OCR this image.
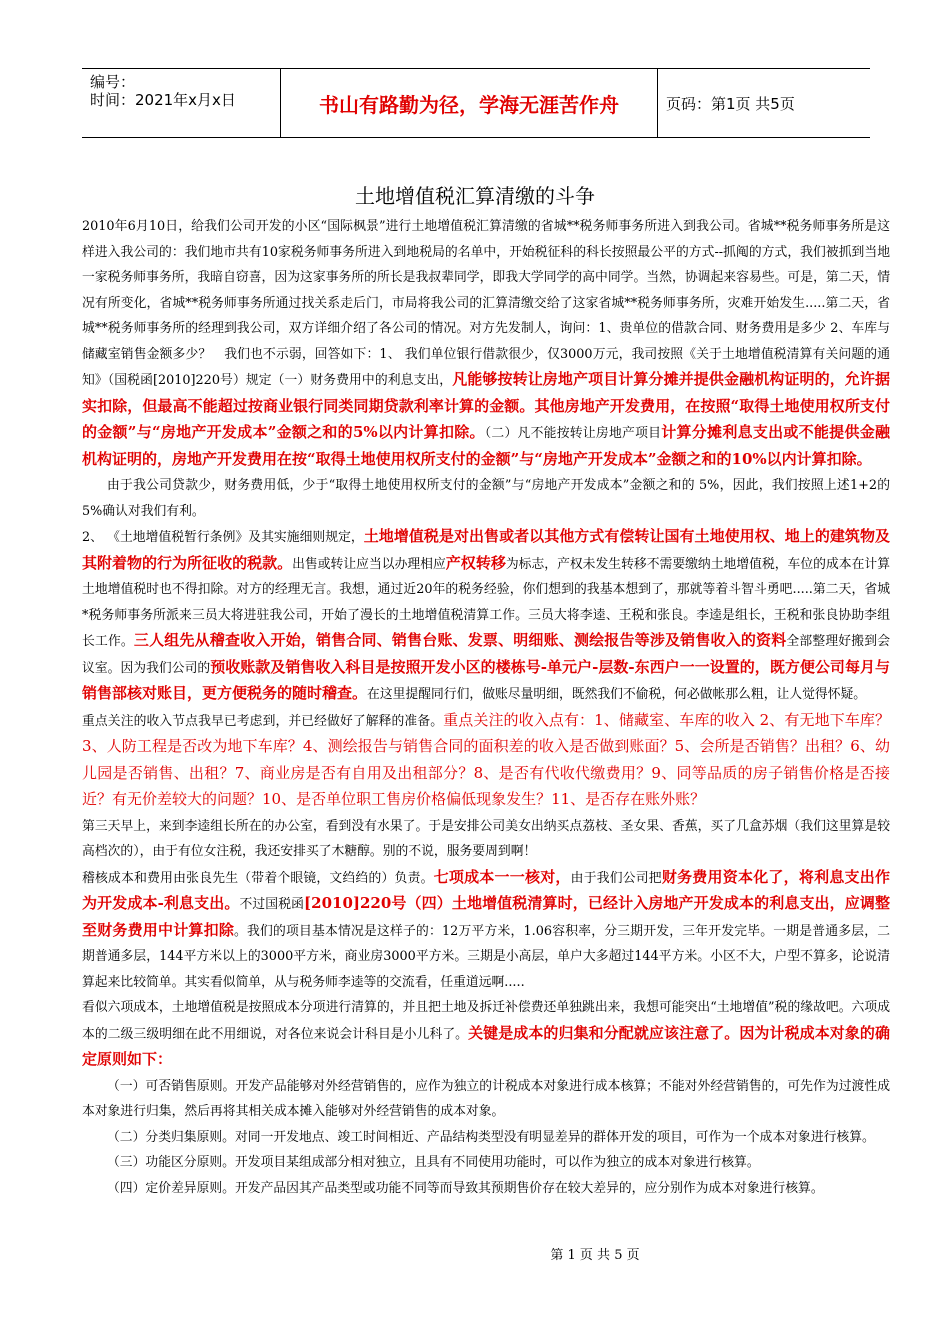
编号：
时间：2021年x月x日	书山有路勤为径，学海无涯苦作舟	页码：第1页 共5页
土地增值税汇算清缴的斗争

2010年6月10日，给我们公司开发的小区“国际枫景”进行土地增值税汇算清缴的省城**税务师事务所进入到我公司。省城**税务师事务所是这样进入我公司的：我们地市共有10家税务师事务所进入到地税局的名单中，开始税征科的科长按照最公平的方式--抓阄的方式，我们被抓到当地一家税务师事务所，我暗自窃喜，因为这家事务所的所长是我叔辈同学，即我大学同学的高中同学。当然，协调起来容易些。可是，第二天，情况有所变化，省城**税务师事务所通过找关系走后门，市局将我公司的汇算清缴交给了这家省城**税务师事务所，灾难开始发生.....第二天，省城**税务师事务所的经理到我公司，双方详细介绍了各公司的情况。对方先发制人，询问：1、贵单位的借款合同、财务费用是多少 2、车库与储藏室销售金额多少？　我们也不示弱，回答如下：1、 我们单位银行借款很少，仅3000万元，我司按照《关于土地增值税清算有关问题的通知》（国税函[2010]220号）规定（一）财务费用中的利息支出，凡能够按转让房地产项目计算分摊并提供金融机构证明的，允许据实扣除，但最高不能超过按商业银行同类同期贷款利率计算的金额。其他房地产开发费用，在按照“取得土地使用权所支付的金额”与“房地产开发成本”金额之和的5%以内计算扣除。（二）凡不能按转让房地产项目计算分摊利息支出或不能提供金融机构证明的，房地产开发费用在按“取得土地使用权所支付的金额”与“房地产开发成本”金额之和的10%以内计算扣除。

由于我公司贷款少，财务费用低，少于“取得土地使用权所支付的金额”与“房地产开发成本”金额之和的 5%，因此，我们按照上述1+2的5%确认对我们有利。

2、 《土地增值税暂行条例》及其实施细则规定，土地增值税是对出售或者以其他方式有偿转让国有土地使用权、地上的建筑物及其附着物的行为所征收的税款。出售或转让应当以办理相应产权转移为标志，产权未发生转移不需要缴纳土地增值税，车位的成本在计算土地增值税时也不得扣除。对方的经理无言。我想，通过近20年的税务经验，你们想到的我基本想到了，那就等着斗智斗勇吧.....第二天，省城*税务师事务所派来三员大将进驻我公司，开始了漫长的土地增值税清算工作。三员大将李逵、王税和张良。李逵是组长，王税和张良协助李组长工作。三人组先从稽查收入开始，销售合同、销售台账、发票、明细账、测绘报告等涉及销售收入的资料全部整理好搬到会议室。因为我们公司的预收账款及销售收入科目是按照开发小区的楼栋号-单元户-层数-东西户一一设置的，既方便公司每月与销售部核对账目，更方便税务的随时稽查。在这里提醒同行们，做账尽量明细，既然我们不偷税，何必做帐那么粗，让人觉得怀疑。

重点关注的收入节点我早已考虑到，并已经做好了解释的准备。重点关注的收入点有：1、储藏室、车库的收入 2、有无地下车库？3、人防工程是否改为地下车库？4、测绘报告与销售合同的面积差的收入是否做到账面？5、会所是否销售？出租？6、幼儿园是否销售、出租？7、商业房是否有自用及出租部分？8、是否有代收代缴费用？9、同等品质的房子销售价格是否接近？有无价差较大的问题？10、是否单位职工售房价格偏低现象发生？11、是否存在账外账？

第三天早上，来到李逵组长所在的办公室，看到没有水果了。于是安排公司美女出纳买点荔枝、圣女果、香蕉，买了几盒苏烟（我们这里算是较高档次的），由于有位女注税，我还安排买了木糖醇。别的不说，服务要周到啊！

稽核成本和费用由张良先生（带着个眼镜，文绉绉的）负责。七项成本一一核对，由于我们公司把财务费用资本化了，将利息支出作为开发成本-利息支出。不过国税函[2010]220号（四）土地增值税清算时，已经计入房地产开发成本的利息支出，应调整至财务费用中计算扣除。我们的项目基本情况是这样子的：12万平方米，1.06容积率，分三期开发，三年开发完毕。一期是普通多层，二期普通多层，144平方米以上的3000平方米，商业房3000平方米。三期是小高层，单户大多超过144平方米。小区不大，户型不算多，论说清算起来比较简单。其实看似简单，从与税务师李逵等的交流看，任重道远啊.....

看似六项成本，土地增值税是按照成本分项进行清算的，并且把土地及拆迁补偿费还单独跳出来，我想可能突出“土地增值”税的缘故吧。六项成本的二级三级明细在此不用细说，对各位来说会计科目是小儿科了。关键是成本的归集和分配就应该注意了。因为计税成本对象的确定原则如下：

（一）可否销售原则。开发产品能够对外经营销售的，应作为独立的计税成本对象进行成本核算；不能对外经营销售的，可先作为过渡性成本对象进行归集，然后再将其相关成本摊入能够对外经营销售的成本对象。

（二）分类归集原则。对同一开发地点、竣工时间相近、产品结构类型没有明显差异的群体开发的项目，可作为一个成本对象进行核算。

（三）功能区分原则。开发项目某组成部分相对独立，且具有不同使用功能时，可以作为独立的成本对象进行核算。

（四）定价差异原则。开发产品因其产品类型或功能不同等而导致其预期售价存在较大差异的，应分别作为成本对象进行核算。

第 1 页 共 5 页
